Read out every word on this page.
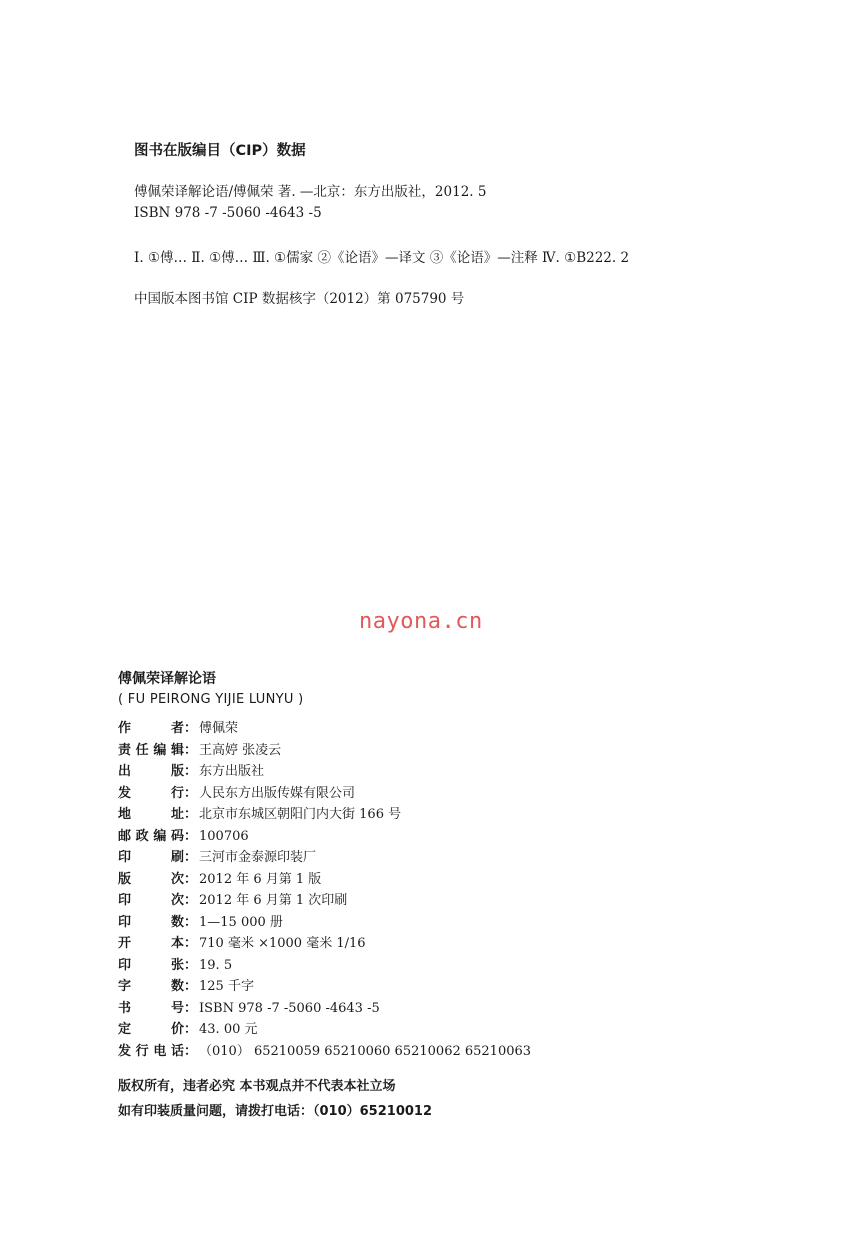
图书在版编目（CIP）数据
傅佩荣译解论语/傅佩荣 著. —北京：东方出版社，2012. 5
ISBN 978 -7 -5060 -4643 -5
Ⅰ. ①傅… Ⅱ. ①傅… Ⅲ. ①儒家 ②《论语》—译文 ③《论语》—注释 Ⅳ. ①B222. 2
中国版本图书馆 CIP 数据核字（2012）第 075790 号
nayona.cn
傅佩荣译解论语
( FU PEIRONG YIJIE LUNYU )
作者 ： 傅佩荣
责任编辑 ： 王高婷 张凌云
出版 ： 东方出版社
发行 ： 人民东方出版传媒有限公司
地址 ： 北京市东城区朝阳门内大街 166 号
邮政编码 ： 100706
印刷 ： 三河市金泰源印装厂
版次 ： 2012 年 6 月第 1 版
印次 ： 2012 年 6 月第 1 次印刷
印数 ： 1—15 000 册
开本 ： 710 毫米 ×1000 毫米 1/16
印张 ： 19. 5
字数 ： 125 千字
书号 ： ISBN 978 -7 -5060 -4643 -5
定价 ： 43. 00 元
发行电话 ： （010） 65210059 65210060 65210062 65210063
版权所有，违者必究 本书观点并不代表本社立场
如有印装质量问题，请拨打电话：（010）65210012
